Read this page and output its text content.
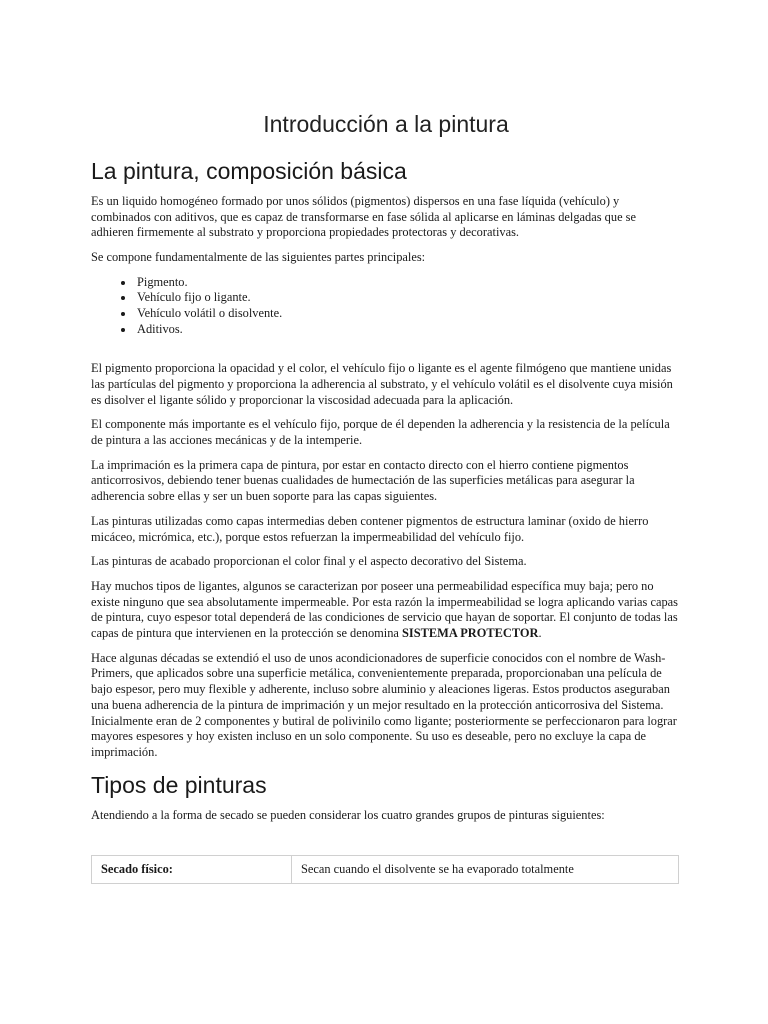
Introducción a la pintura
La pintura, composición básica

Es un liquido homogéneo formado por unos sólidos (pigmentos) dispersos en una fase líquida (vehículo) y combinados con aditivos, que es capaz de transformarse en fase sólida al aplicarse en láminas delgadas que se adhieren firmemente al substrato y proporciona propiedades protectoras y decorativas.

Se compone fundamentalmente de las siguientes partes principales:

• Pigmento.
• Vehículo fijo o ligante.
• Vehículo volátil o disolvente.
• Aditivos.

El pigmento proporciona la opacidad y el color, el vehículo fijo o ligante es el agente filmógeno que mantiene unidas las partículas del pigmento y proporciona la adherencia al substrato, y el vehículo volátil es el disolvente cuya misión es disolver el ligante sólido y proporcionar la viscosidad adecuada para la aplicación.

El componente más importante es el vehículo fijo, porque de él dependen la adherencia y la resistencia de la película de pintura a las acciones mecánicas y de la intemperie.

La imprimación es la primera capa de pintura, por estar en contacto directo con el hierro contiene pigmentos anticorrosivos, debiendo tener buenas cualidades de humectación de las superficies metálicas para asegurar la adherencia sobre ellas y ser un buen soporte para las capas siguientes.

Las pinturas utilizadas como capas intermedias deben contener pigmentos de estructura laminar (oxido de hierro micáceo, micrómica, etc.), porque estos refuerzan la impermeabilidad del vehículo fijo.

Las pinturas de acabado proporcionan el color final y el aspecto decorativo del Sistema.

Hay muchos tipos de ligantes, algunos se caracterizan por poseer una permeabilidad específica muy baja; pero no existe ninguno que sea absolutamente impermeable. Por esta razón la impermeabilidad se logra aplicando varias capas de pintura, cuyo espesor total dependerá de las condiciones de servicio que hayan de soportar. El conjunto de todas las capas de pintura que intervienen en la protección se denomina SISTEMA PROTECTOR.

Hace algunas décadas se extendió el uso de unos acondicionadores de superficie conocidos con el nombre de Wash-Primers, que aplicados sobre una superficie metálica, convenientemente preparada, proporcionaban una película de bajo espesor, pero muy flexible y adherente, incluso sobre aluminio y aleaciones ligeras. Estos productos aseguraban una buena adherencia de la pintura de imprimación y un mejor resultado en la protección anticorrosiva del Sistema. Inicialmente eran de 2 componentes y butiral de polivinilo como ligante; posteriormente se perfeccionaron para lograr mayores espesores y hoy existen incluso en un solo componente. Su uso es deseable, pero no excluye la capa de imprimación.

Tipos de pinturas

Atendiendo a la forma de secado se pueden considerar los cuatro grandes grupos de pinturas siguientes:

Secado físico:	Secan cuando el disolvente se ha evaporado totalmente
